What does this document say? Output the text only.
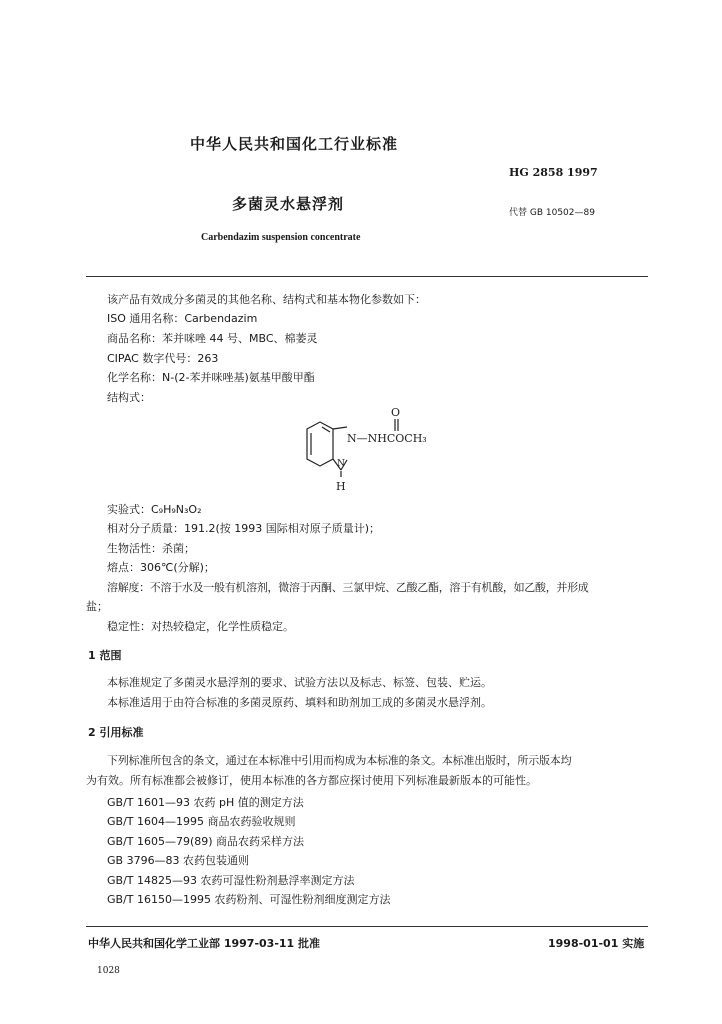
中华人民共和国化工行业标准
HG 2858 1997
多菌灵水悬浮剂	代替 GB 10502—89
Carbendazim suspension concentrate
该产品有效成分多菌灵的其他名称、结构式和基本物化参数如下：
ISO 通用名称：Carbendazim
商品名称：苯并咪唑 44 号、MBC、棉萎灵
CIPAC 数字代号：263
化学名称：N-(2-苯并咪唑基)氨基甲酸甲酯
结构式：
O
N—NHCOCH₃
N
H
实验式：C₉H₉N₃O₂
相对分子质量：191.2(按 1993 国际相对原子质量计)；
生物活性：杀菌；
熔点：306℃(分解)；
溶解度：不溶于水及一般有机溶剂，微溶于丙酮、三氯甲烷、乙酸乙酯，溶于有机酸，如乙酸，并形成
盐；
稳定性：对热较稳定，化学性质稳定。
1 范围
本标准规定了多菌灵水悬浮剂的要求、试验方法以及标志、标签、包装、贮运。
本标准适用于由符合标准的多菌灵原药、填料和助剂加工成的多菌灵水悬浮剂。
2 引用标准
下列标准所包含的条文，通过在本标准中引用而构成为本标准的条文。本标准出版时，所示版本均
为有效。所有标准都会被修订，使用本标准的各方都应探讨使用下列标准最新版本的可能性。
GB/T 1601—93 农药 pH 值的测定方法
GB/T 1604—1995 商品农药验收规则
GB/T 1605—79(89) 商品农药采样方法
GB 3796—83 农药包装通则
GB/T 14825—93 农药可湿性粉剂悬浮率测定方法
GB/T 16150—1995 农药粉剂、可湿性粉剂细度测定方法
中华人民共和国化学工业部 1997-03-11 批准	1998-01-01 实施
1028
